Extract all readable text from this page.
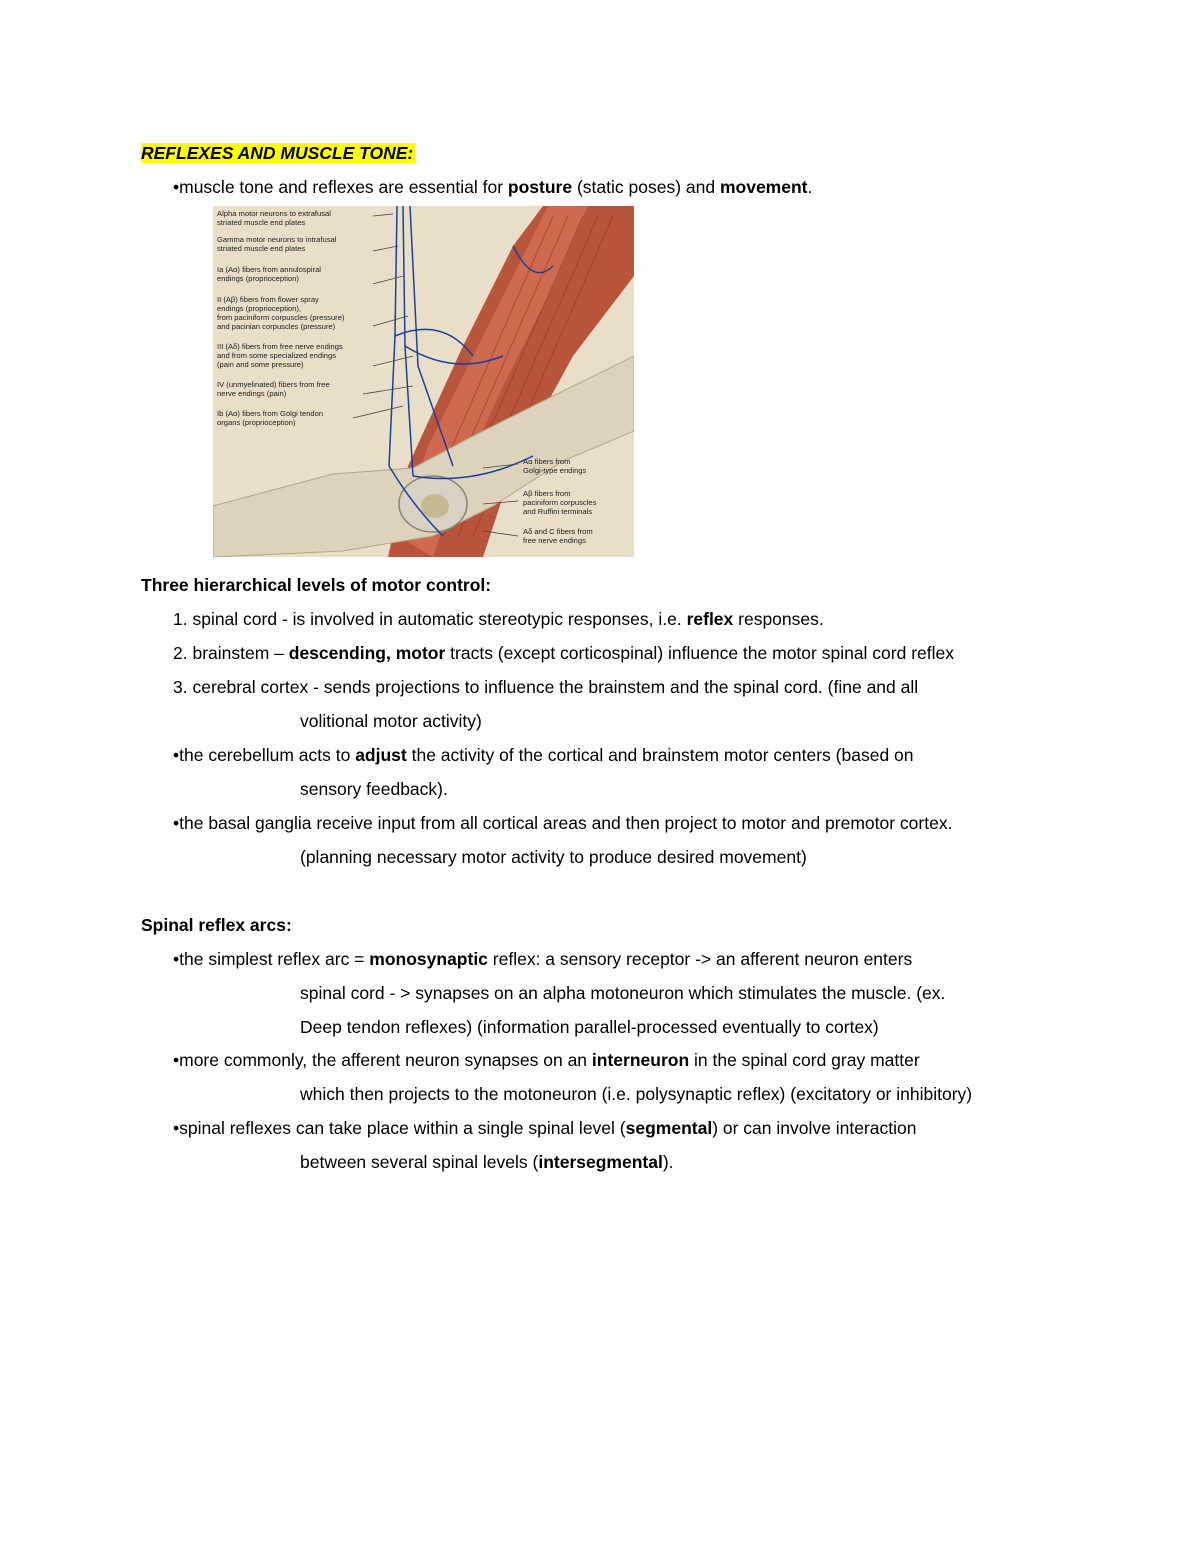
REFLEXES AND MUSCLE TONE:
•muscle tone and reflexes are essential for posture (static poses) and movement.
Alpha motor neurons to extrafusal
striated muscle end plates
Gamma motor neurons to intrafusal
striated muscle end plates
Ia (Aα) fibers from annulospiral
endings (proprioception)
II (Aβ) fibers from flower spray
endings (proprioception),
from paciniform corpuscles (pressure)
and pacinian corpuscles (pressure)
III (Aδ) fibers from free nerve endings
and from some specialized endings
(pain and some pressure)
IV (unmyelinated) fibers from free
nerve endings (pain)
Ib (Aα) fibers from Golgi tendon
organs (proprioception)
Aα fibers from
Golgi-type endings
Aβ fibers from
paciniform corpuscles
and Ruffini terminals
Aδ and C fibers from
free nerve endings
Three hierarchical levels of motor control:
1. spinal cord - is involved in automatic stereotypic responses, i.e. reflex responses.
2. brainstem – descending, motor tracts (except corticospinal) influence the motor spinal cord reflex
3. cerebral cortex - sends projections to influence the brainstem and the spinal cord. (fine and all
volitional motor activity)
•the cerebellum acts to adjust the activity of the cortical and brainstem motor centers (based on
sensory feedback).
•the basal ganglia receive input from all cortical areas and then project to motor and premotor cortex.
(planning necessary motor activity to produce desired movement)
Spinal reflex arcs:
•the simplest reflex arc = monosynaptic reflex: a sensory receptor -> an afferent neuron enters
spinal cord - > synapses on an alpha motoneuron which stimulates the muscle. (ex.
Deep tendon reflexes) (information parallel-processed eventually to cortex)
•more commonly, the afferent neuron synapses on an interneuron in the spinal cord gray matter
which then projects to the motoneuron (i.e. polysynaptic reflex) (excitatory or inhibitory)
•spinal reflexes can take place within a single spinal level (segmental) or can involve interaction
between several spinal levels (intersegmental).
